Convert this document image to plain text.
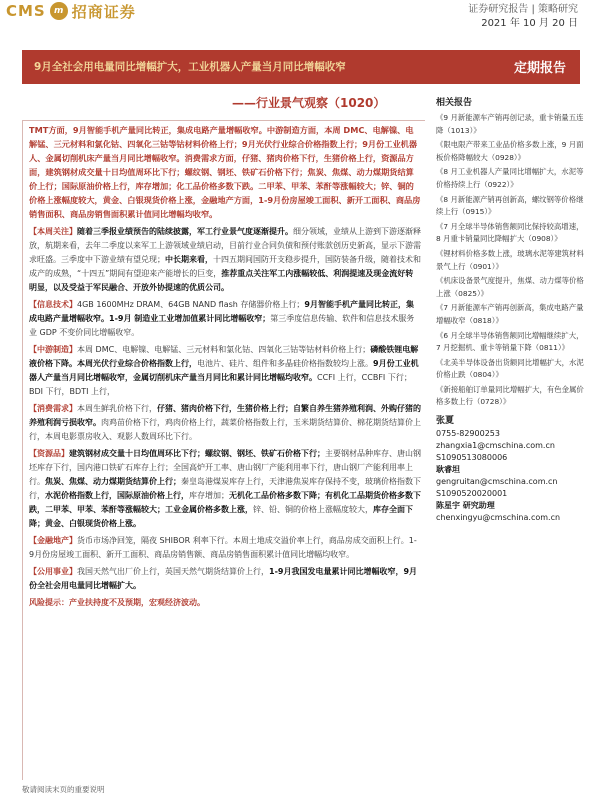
CMS m 招商证券	证券研究报告 | 策略研究
2021 年 10 月 20 日
9月全社会用电量同比增幅扩大，工业机器人产量当月同比增幅收窄	定期报告
——行业景气观察（1020）

TMT方面，9月智能手机产量同比转正，集成电路产量增幅收窄。中游制造方面，本周 DMC、电解镍、电解锰、三元材料和氯化钴、四氧化三钴等钴材料价格上行；9月光伏行业综合价格指数上行；9月份工业机器人、金属切削机床产量当月同比增幅收窄。消费需求方面，仔猪、猪肉价格下行，生猪价格上行，资源品方面，建筑钢材成交量十日均值周环比下行；螺纹钢、钢坯、铁矿石价格下行；焦炭、焦煤、动力煤期货结算价上行；国际原油价格上行，库存增加；化工品价格多数下跌。二甲苯、甲苯、苯酐等涨幅较大；锌、铜的价格上涨幅度较大，黄金、白银现货价格上涨，金融地产方面，1-9月份房屋竣工面积、新开工面积、商品房销售面积、商品房销售面积累计值同比增幅均收窄。

【本周关注】随着三季报业绩预告的陆续披露，军工行业景气度逐渐提升。细分领域，业绩从上游到下游逐渐释放，航期来看，去年二季度以来军工上游领域业绩启动，目前行业合同负债和预付账款创历史新高，显示下游需求旺盛。三季度中下游业绩有望兑现；中长期来看，十四五期间国防开支稳步提升，国防装备升级，随着技术和成产的成熟，“十四五”期间有望迎来产能增长的巨变，推荐重点关注军工内涨幅较低、利润提速及现金流好转明显，以及受益于军民融合、开放外协提速的优质公司。

【信息技术】4GB 1600MHz DRAM、64GB NAND flash 存储器价格上行；9月智能手机产量同比转正，集成电路产量增幅收窄。1-9月 制造业工业增加值累计同比增幅收窄；第三季度信息传输、软件和信息技术服务业 GDP 不变价同比增幅收窄。

【中游制造】本周 DMC、电解镍、电解锰、三元材料和氯化钴、四氧化三钴等钴材料价格上行；磷酸铁锂电解液价格下降。本周光伏行业综合价格指数上行，电池片、硅片、组件和多晶硅价格指数较均上涨。9月份工业机器人产量当月同比增幅收窄，金属切削机床产量当月同比和累计同比增幅均收窄。CCFI 上行，CCBFI 下行；BDI 下行，BDTI 上行，

【消费需求】本周生鲜乳价格下行，仔猪、猪肉价格下行，生猪价格上行；自繁自养生猪养殖利润、外购仔猪的养殖利润亏损收窄。肉鸡苗价格下行，鸡肉价格上行，蔬菜价格指数上行，玉米期货结算价、棉花期货结算价上行，本周电影票房收入、观影人数周环比下行。

【资源品】建筑钢材成交量十日均值周环比下行；螺纹钢、钢坯、铁矿石价格下行；主要钢材品种库存、唐山钢坯库存下行，国内港口铁矿石库存上行；全国高炉开工率、唐山钢厂产能利用率下行，唐山钢厂产能利用率上行。焦炭、焦煤、动力煤期货结算价上行；秦皇岛港煤炭库存上行，天津港焦炭库存保持不变，玻璃价格指数下行，水泥价格指数上行，国际原油价格上行，库存增加；无机化工品价格多数下降；有机化工品期货价格多数下跌，二甲苯、甲苯、苯酐等涨幅较大；工业金属价格多数上涨，锌、铅、铜的价格上涨幅度较大，库存全面下降；黄金、白银现货价格上涨。

【金融地产】货币市场净回笼，隔夜 SHIBOR 利率下行。本周土地成交溢价率上行，商品房成交面积上行。1-9月份房屋竣工面积、新开工面积、商品房销售额、商品房销售面积累计值同比增幅均收窄。

【公用事业】我国天然气出厂价上行，英国天然气期货结算价上行，1-9月我国发电量累计同比增幅收窄，9月份全社会用电量同比增幅扩大。

风险提示：产业扶持度不及预期，宏观经济波动。

相关报告

《9 月新能源车产销再创记录，重卡销量五连降（1013）》

《限电限产带来工业品价格多数上涨，9 月面板价格降幅较大（0928）》

《8 月工业机器人产量同比增幅扩大，水泥等价格持续上行（0922）》

《8 月新能源产销再创新高，螺纹钢等价格继续上行（0915）》

《7 月全球半导体销售额同比保持较高增速，8 月重卡销量同比降幅扩大（0908）》

《锂材料价格多数上涨，玻璃水泥等建筑材料景气上行（0901）》

《机床设备景气度提升，焦煤、动力煤等价格上涨（0825）》

《7 月新能源车产销再创新高，集成电路产量增幅收窄（0818）》

《6 月全球半导体销售额同比增幅继续扩大，7 月挖掘机、重卡等销量下降（0811）》

《北美半导体设备出货额同比增幅扩大，水泥价格止跌（0804）》

《新接船舶订单量同比增幅扩大，有色金属价格多数上行（0728）》

张夏
0755-82900253
zhangxia1@cmschina.com.cn
S1090513080006
耿睿坦
gengruitan@cmschina.com.cn
S1090520020001
陈星宇 研究助理
chenxingyu@cmschina.com.cn
敬请阅读末页的重要说明
